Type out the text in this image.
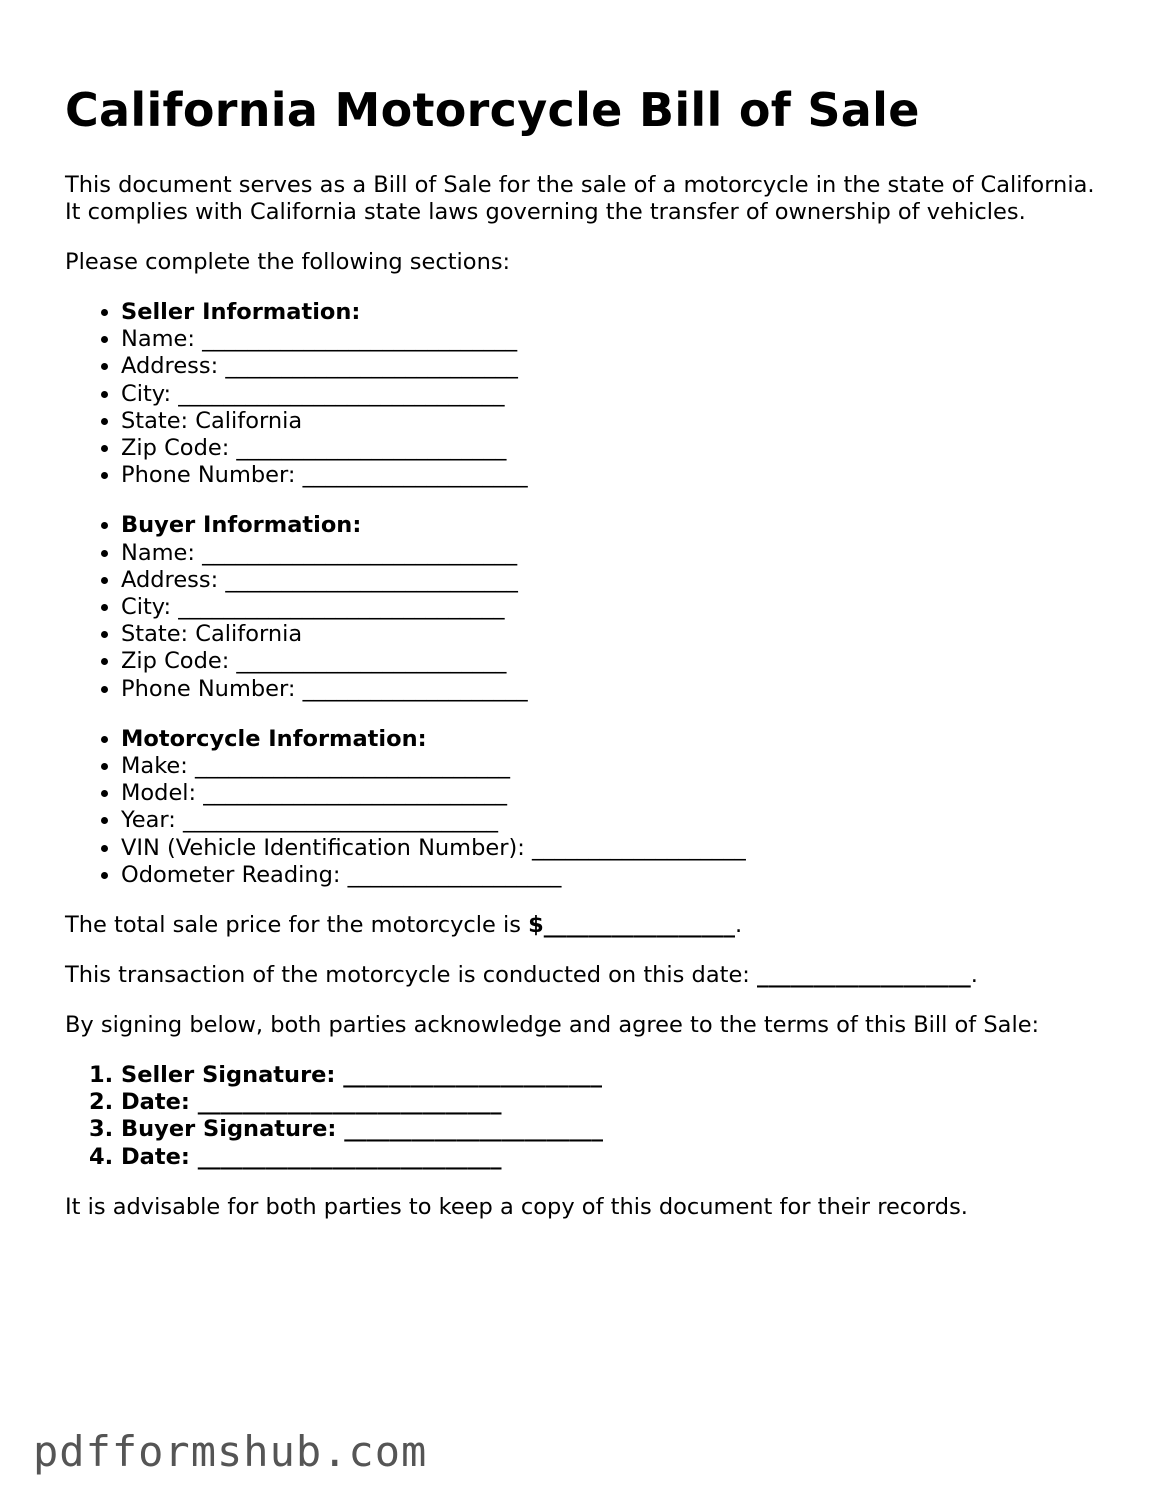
California Motorcycle Bill of Sale

This document serves as a Bill of Sale for the sale of a motorcycle in the state of California. It complies with California state laws governing the transfer of ownership of vehicles.

Please complete the following sections:

• Seller Information:
• Name: ____________________________
• Address: __________________________
• City: _____________________________
• State: California
• Zip Code: ________________________
• Phone Number: ____________________
• Buyer Information:
• Name: ____________________________
• Address: __________________________
• City: _____________________________
• State: California
• Zip Code: ________________________
• Phone Number: ____________________
• Motorcycle Information:
• Make: ____________________________
• Model: ___________________________
• Year: ____________________________
• VIN (Vehicle Identification Number): ___________________
• Odometer Reading: ___________________

The total sale price for the motorcycle is $_________________.

This transaction of the motorcycle is conducted on this date: ___________________.

By signing below, both parties acknowledge and agree to the terms of this Bill of Sale:

1. Seller Signature: _______________________
2. Date: ___________________________
3. Buyer Signature: _______________________
4. Date: ___________________________

It is advisable for both parties to keep a copy of this document for their records.

pdfformshub.com
